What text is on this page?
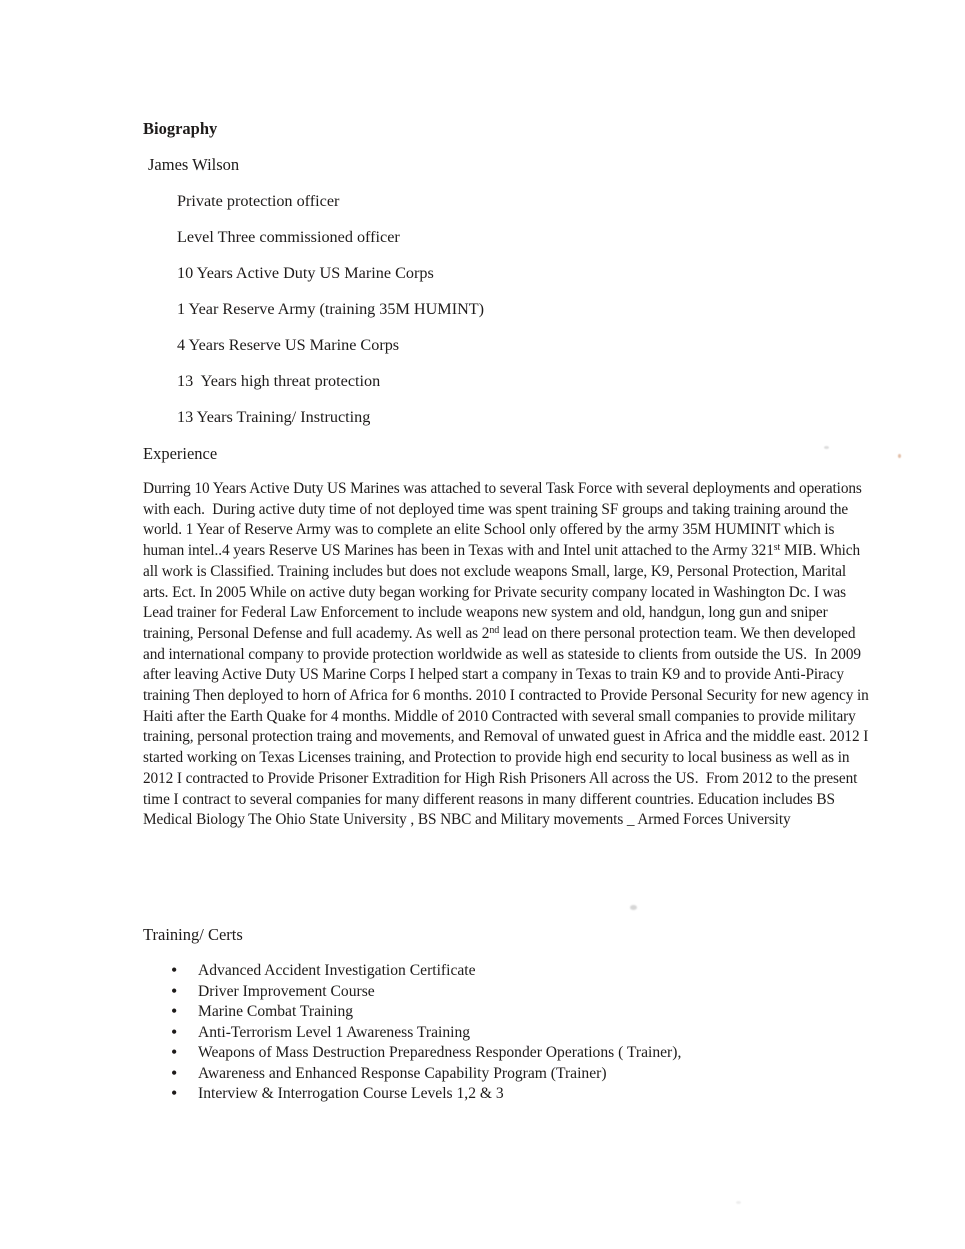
Biography
James Wilson
Private protection officer
Level Three commissioned officer
10 Years Active Duty US Marine Corps
1 Year Reserve Army (training 35M HUMINT)
4 Years Reserve US Marine Corps
13  Years high threat protection
13 Years Training/ Instructing
Experience
Durring 10 Years Active Duty US Marines was attached to several Task Force with several deployments and operations with each.  During active duty time of not deployed time was spent training SF groups and taking training around the world. 1 Year of Reserve Army was to complete an elite School only offered by the army 35M HUMINIT which is human intel..4 years Reserve US Marines has been in Texas with and Intel unit attached to the Army 321st MIB. Which all work is Classified. Training includes but does not exclude weapons Small, large, K9, Personal Protection, Marital arts. Ect. In 2005 While on active duty began working for Private security company located in Washington Dc. I was Lead trainer for Federal Law Enforcement to include weapons new system and old, handgun, long gun and sniper training, Personal Defense and full academy. As well as 2nd lead on there personal protection team. We then developed and international company to provide protection worldwide as well as stateside to clients from outside the US.  In 2009 after leaving Active Duty US Marine Corps I helped start a company in Texas to train K9 and to provide Anti-Piracy  training Then deployed to horn of Africa for 6 months. 2010 I contracted to Provide Personal Security for new agency in Haiti after the Earth Quake for 4 months. Middle of 2010 Contracted with several small companies to provide military training, personal protection traing and movements, and Removal of unwated guest in Africa and the middle east. 2012 I started working on Texas Licenses training, and Protection to provide high end security to local business as well as in  2012 I contracted to Provide Prisoner Extradition for High Rish Prisoners All across the US.  From 2012 to the present time I contract to several companies for many different reasons in many different countries. Education includes BS Medical Biology The Ohio State University , BS NBC and Military movements _ Armed Forces University
Training/ Certs
• Advanced Accident Investigation Certificate
• Driver Improvement Course
• Marine Combat Training
• Anti-Terrorism Level 1 Awareness Training
• Weapons of Mass Destruction Preparedness Responder Operations ( Trainer),
• Awareness and Enhanced Response Capability Program (Trainer)
• Interview & Interrogation Course Levels 1,2 & 3
